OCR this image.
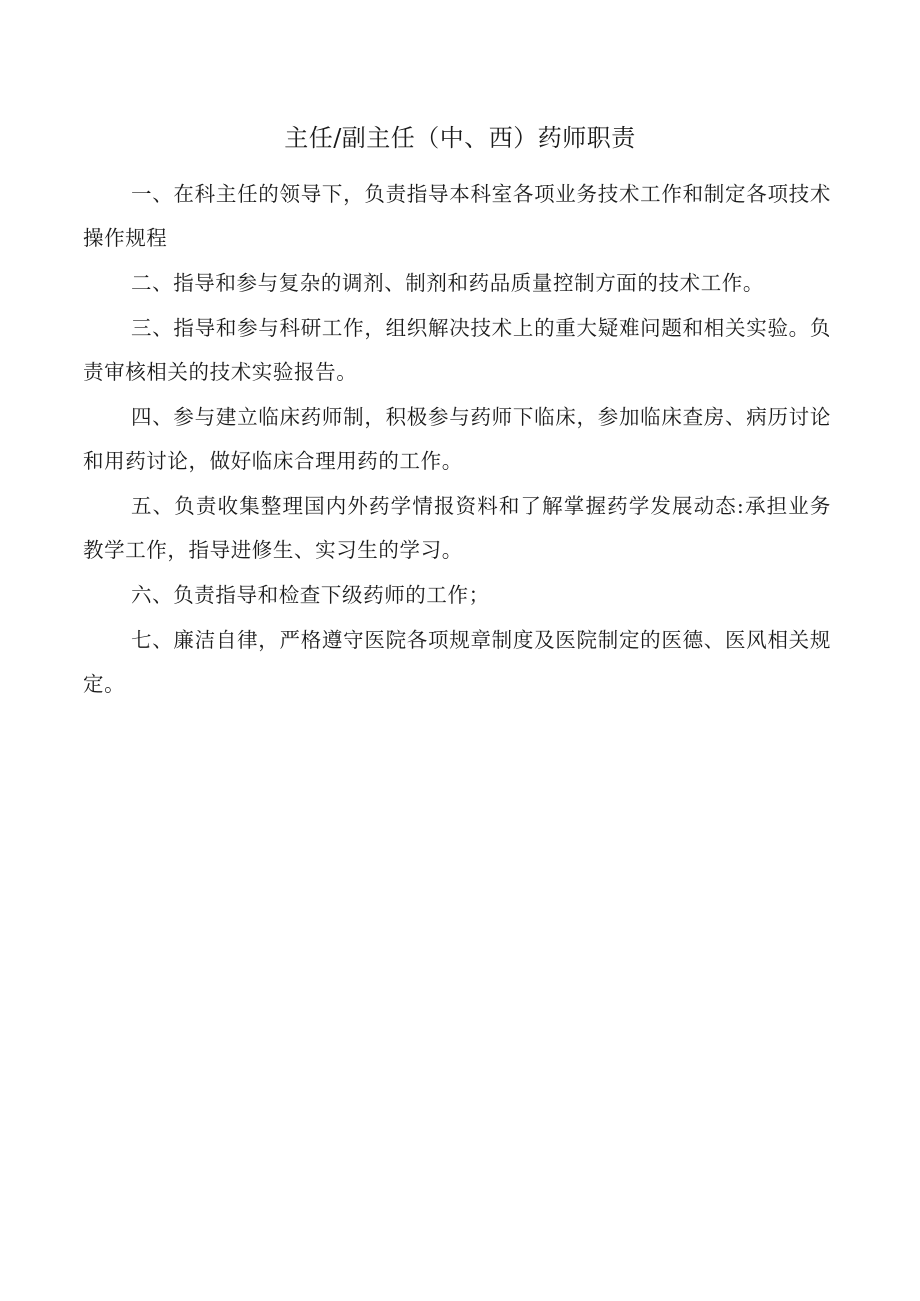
主任/副主任（中、西）药师职责

一、在科主任的领导下，负责指导本科室各项业务技术工作和制定各项技术操作规程

二、指导和参与复杂的调剂、制剂和药品质量控制方面的技术工作。

三、指导和参与科研工作，组织解决技术上的重大疑难问题和相关实验。负责审核相关的技术实验报告。

四、参与建立临床药师制，积极参与药师下临床，参加临床查房、病历讨论和用药讨论，做好临床合理用药的工作。

五、负责收集整理国内外药学情报资料和了解掌握药学发展动态:承担业务教学工作，指导进修生、实习生的学习。

六、负责指导和检查下级药师的工作；

七、廉洁自律，严格遵守医院各项规章制度及医院制定的医德、医风相关规定。
